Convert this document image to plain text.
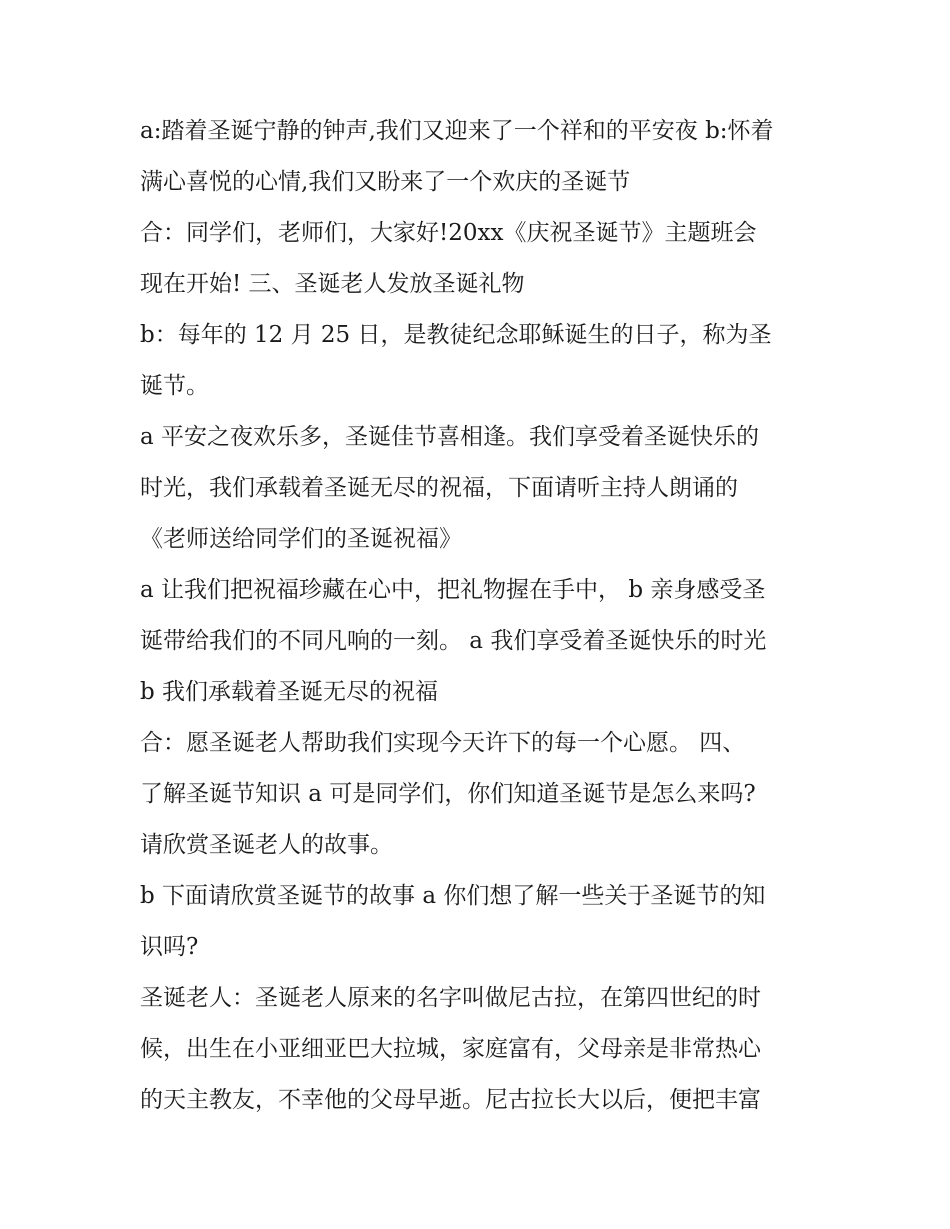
a:踏着圣诞宁静的钟声,我们又迎来了一个祥和的平安夜 b:怀着
满心喜悦的心情,我们又盼来了一个欢庆的圣诞节
合：同学们，老师们，大家好!20xx《庆祝圣诞节》主题班会
现在开始! 三、圣诞老人发放圣诞礼物
b：每年的 12 月 25 日，是教徒纪念耶稣诞生的日子，称为圣
诞节。
a 平安之夜欢乐多，圣诞佳节喜相逢。我们享受着圣诞快乐的
时光，我们承载着圣诞无尽的祝福，下面请听主持人朗诵的
《老师送给同学们的圣诞祝福》
a 让我们把祝福珍藏在心中，把礼物握在手中， b 亲身感受圣
诞带给我们的不同凡响的一刻。 a 我们享受着圣诞快乐的时光
b 我们承载着圣诞无尽的祝福
合：愿圣诞老人帮助我们实现今天许下的每一个心愿。 四、
了解圣诞节知识 a 可是同学们，你们知道圣诞节是怎么来吗?
请欣赏圣诞老人的故事。
b 下面请欣赏圣诞节的故事 a 你们想了解一些关于圣诞节的知
识吗?
圣诞老人：圣诞老人原来的名字叫做尼古拉，在第四世纪的时
候，出生在小亚细亚巴大拉城，家庭富有，父母亲是非常热心
的天主教友，不幸他的父母早逝。尼古拉长大以后，便把丰富
